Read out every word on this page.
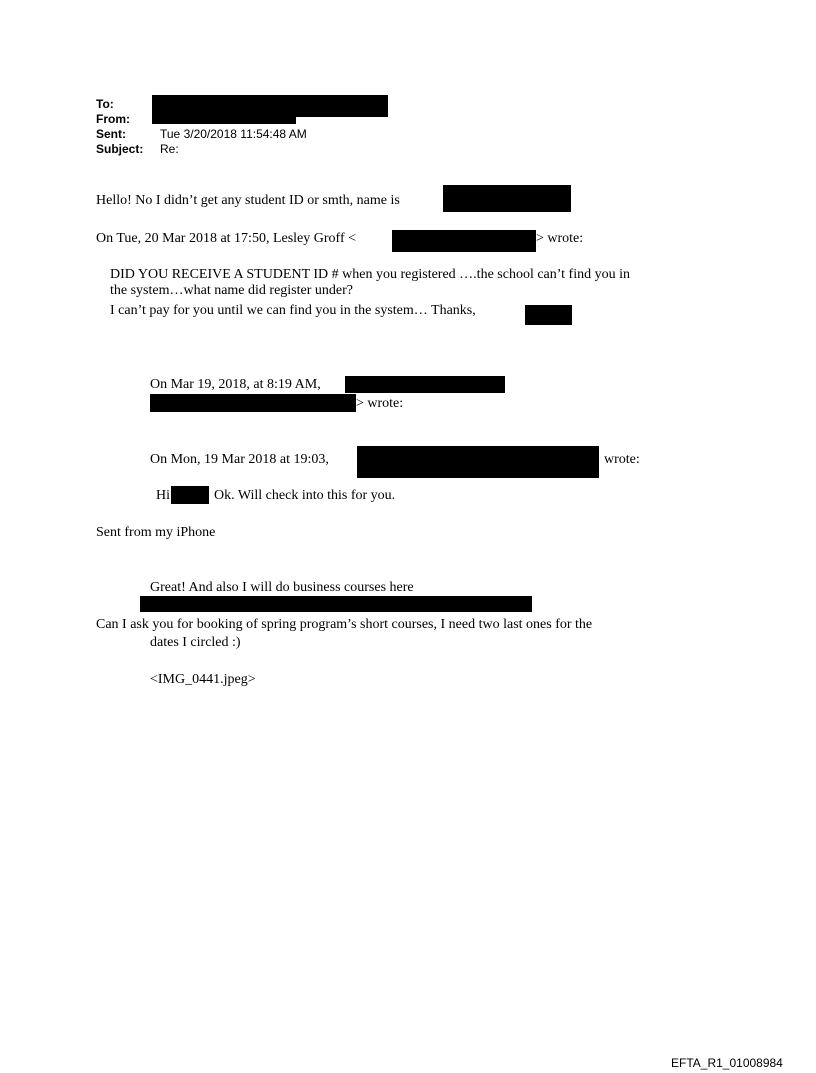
To:
From:
Sent:	Tue 3/20/2018 11:54:48 AM
Subject: Re:
Hello! No I didn’t get any student ID or smth, name is
On Tue, 20 Mar 2018 at 17:50, Lesley Groff <	> wrote:
DID YOU RECEIVE A STUDENT ID # when you registered ….the school can’t find you in
the system…what name did register under?
I can’t pay for you until we can find you in the system… Thanks,
On Mar 19, 2018, at 8:19 AM,
> wrote:
On Mon, 19 Mar 2018 at 19:03,	wrote:
Hi	Ok. Will check into this for you.
Sent from my iPhone
Great! And also I will do business courses here
Can I ask you for booking of spring program’s short courses, I need two last ones for the
dates I circled :)
<IMG_0441.jpeg>
EFTA_R1_01008984
